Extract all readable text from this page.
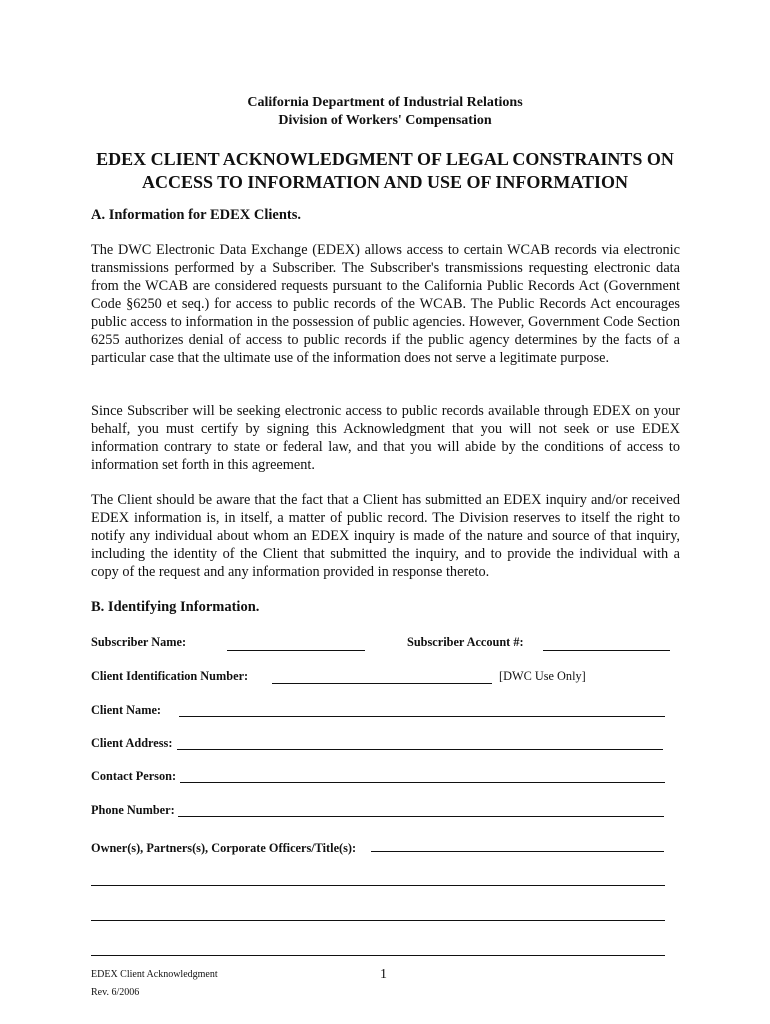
California Department of Industrial Relations
Division of Workers' Compensation
EDEX CLIENT ACKNOWLEDGMENT OF LEGAL CONSTRAINTS ON ACCESS TO INFORMATION AND USE OF INFORMATION
A. Information for EDEX Clients.

The DWC Electronic Data Exchange (EDEX) allows access to certain WCAB records via electronic transmissions performed by a Subscriber. The Subscriber's transmissions requesting electronic data from the WCAB are considered requests pursuant to the California Public Records Act (Government Code §6250 et seq.) for access to public records of the WCAB. The Public Records Act encourages public access to information in the possession of public agencies. However, Government Code Section 6255 authorizes denial of access to public records if the public agency determines by the facts of a particular case that the ultimate use of the information does not serve a legitimate purpose.

Since Subscriber will be seeking electronic access to public records available through EDEX on your behalf, you must certify by signing this Acknowledgment that you will not seek or use EDEX information contrary to state or federal law, and that you will abide by the conditions of access to information set forth in this agreement.

The Client should be aware that the fact that a Client has submitted an EDEX inquiry and/or received EDEX information is, in itself, a matter of public record. The Division reserves to itself the right to notify any individual about whom an EDEX inquiry is made of the nature and source of that inquiry, including the identity of the Client that submitted the inquiry, and to provide the individual with a copy of the request and any information provided in response thereto.

B. Identifying Information.
Subscriber Name:	Subscriber Account #:
Client Identification Number:	[DWC Use Only]
Client Name:
Client Address:
Contact Person:
Phone Number:
Owner(s), Partners(s), Corporate Officers/Title(s):
EDEX Client Acknowledgment	1
Rev. 6/2006
